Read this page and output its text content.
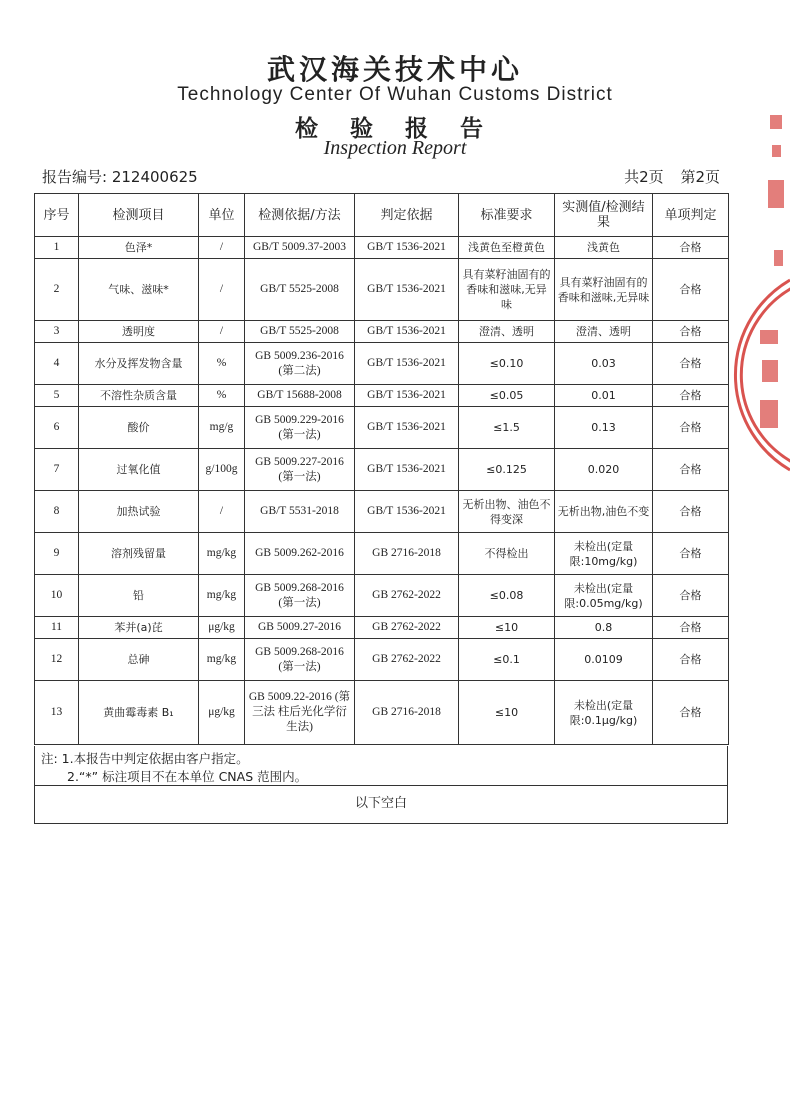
武汉海关技术中心
Technology Center Of Wuhan Customs District
检 验 报 告
Inspection Report
报告编号: 212400625	共2页 第2页
序号	检测项目	单位	检测依据/方法	判定依据	标准要求	实测值/检测结果	单项判定
1	色泽*	/	GB/T 5009.37-2003	GB/T 1536-2021	浅黄色至橙黄色	浅黄色	合格
2	气味、滋味*	/	GB/T 5525-2008	GB/T 1536-2021	具有菜籽油固有的香味和滋味,无异味	具有菜籽油固有的香味和滋味,无异味	合格
3	透明度	/	GB/T 5525-2008	GB/T 1536-2021	澄清、透明	澄清、透明	合格
4	水分及挥发物含量	%	GB 5009.236-2016 (第二法)	GB/T 1536-2021	≤0.10	0.03	合格
5	不溶性杂质含量	%	GB/T 15688-2008	GB/T 1536-2021	≤0.05	0.01	合格
6	酸价	mg/g	GB 5009.229-2016 (第一法)	GB/T 1536-2021	≤1.5	0.13	合格
7	过氧化值	g/100g	GB 5009.227-2016 (第一法)	GB/T 1536-2021	≤0.125	0.020	合格
8	加热试验	/	GB/T 5531-2018	GB/T 1536-2021	无析出物、油色不得变深	无析出物,油色不变	合格
9	溶剂残留量	mg/kg	GB 5009.262-2016	GB 2716-2018	不得检出	未检出(定量限:10mg/kg)	合格
10	铅	mg/kg	GB 5009.268-2016 (第一法)	GB 2762-2022	≤0.08	未检出(定量限:0.05mg/kg)	合格
11	苯并(a)芘	μg/kg	GB 5009.27-2016	GB 2762-2022	≤10	0.8	合格
12	总砷	mg/kg	GB 5009.268-2016 (第一法)	GB 2762-2022	≤0.1	0.0109	合格
13	黄曲霉毒素 B₁	μg/kg	GB 5009.22-2016 (第三法 柱后光化学衍生法)	GB 2716-2018	≤10	未检出(定量限:0.1μg/kg)	合格
注: 1.本报告中判定依据由客户指定。
2.“*” 标注项目不在本单位 CNAS 范围内。
以下空白
